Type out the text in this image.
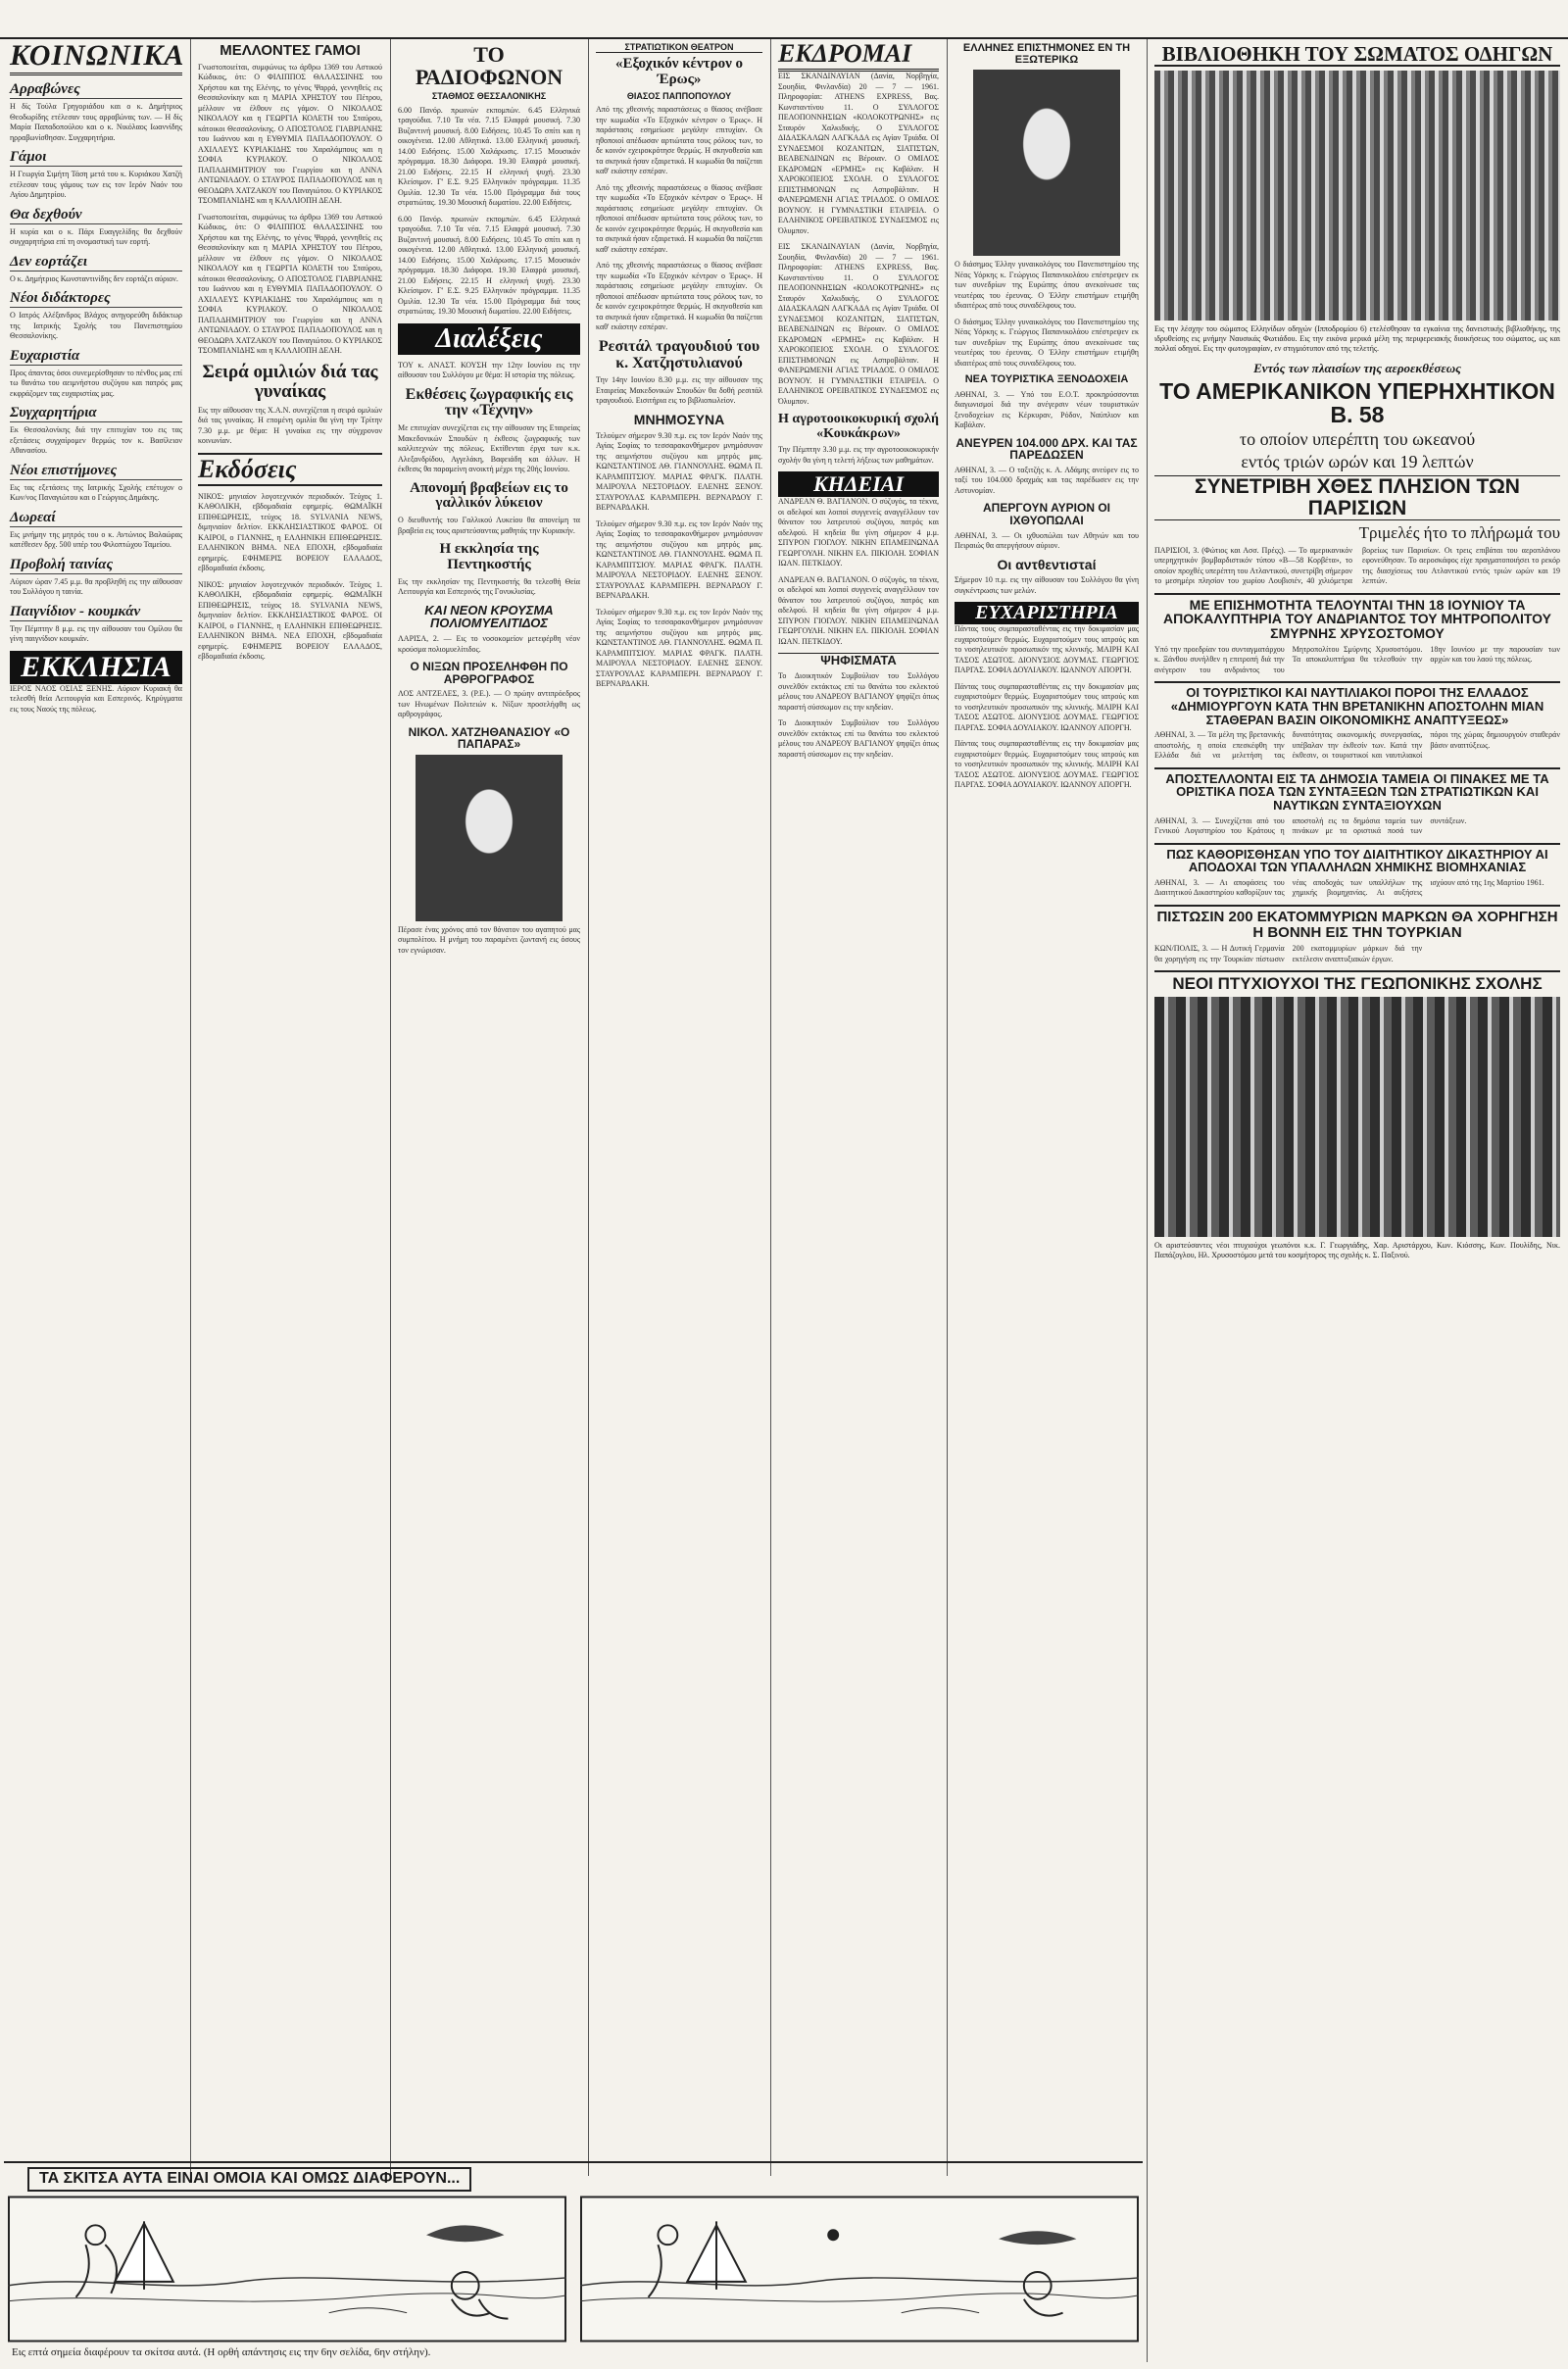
ΚΟΙΝΩΝΙΚΑ
Αρραβώνες

Η δίς Τούλα Γρηγοριάδου και ο κ. Δημήτριος Θεοδωρίδης ετέλεσαν τους αρραβώνας των. — Η δίς Μαρία Παπαδοπούλου και ο κ. Νικόλαος Ιωαννίδης ηρραβωνίσθησαν. Συγχαρητήρια.

Γάμοι

Η Γεωργία Σιμήτη Τάση μετά του κ. Κυριάκου Χατζή ετέλεσαν τους γάμους των εις τον Ιερόν Ναόν του Αγίου Δημητρίου.

Θα δεχθούν

Η κυρία και ο κ. Πάρι Ευαγγελίδης θα δεχθούν συγχαρητήρια επί τη ονομαστική των εορτή.

Δεν εορτάζει

Ο κ. Δημήτριος Κωνσταντινίδης δεν εορτάζει αύριον.

Νέοι διδάκτορες

Ο Ιατρός Αλέξανδρος Βλάχος ανηγορεύθη διδάκτωρ της Ιατρικής Σχολής του Πανεπιστημίου Θεσσαλονίκης.

Ευχαριστία

Προς άπαντας όσοι συνεμερίσθησαν το πένθος μας επί τω θανάτω του αειμνήστου συζύγου και πατρός μας εκφράζομεν τας ευχαριστίας μας.

Συγχαρητήρια

Εκ Θεσσαλονίκης διά την επιτυχίαν του εις τας εξετάσεις συγχαίρομεν θερμώς τον κ. Βασίλειον Αθανασίου.

Νέοι επιστήμονες

Εις τας εξετάσεις της Ιατρικής Σχολής επέτυχον ο Κων/νος Παναγιώτου και ο Γεώργιος Δημάκης.

Δωρεαί

Εις μνήμην της μητρός του ο κ. Αντώνιος Βαλαώρας κατέθεσεν δρχ. 500 υπέρ του Φιλοπτώχου Ταμείου.

Προβολή ταινίας

Αύριον ώραν 7.45 μ.μ. θα προβληθή εις την αίθουσαν του Συλλόγου η ταινία.

Παιγνίδιον - κουμκάν

Την Πέμπτην 8 μ.μ. εις την αίθουσαν του Ομίλου θα γίνη παιγνίδιον κουμκάν.

ΕΚΚΛΗΣΙΑ

ΙΕΡΟΣ ΝΑΟΣ ΟΣΙΑΣ ΞΕΝΗΣ. Αύριον Κυριακή θα τελεσθή θεία Λειτουργία και Εσπερινός. Κηρύγματα εις τους Ναούς της πόλεως.

ΜΕΛΛΟΝΤΕΣ ΓΑΜΟΙ

Γνωστοποιείται, συμφώνως τω άρθρω 1369 του Αστικού Κώδικος, ότι: Ο ΦΙΛΙΠΠΟΣ ΘΑΛΑΣΣΙΝΗΣ του Χρήστου και της Ελένης, το γένος Ψαρρά, γεννηθείς εις Θεσσαλονίκην και η ΜΑΡΙΑ ΧΡΗΣΤΟΥ του Πέτρου, μέλλουν να έλθουν εις γάμον. Ο ΝΙΚΟΛΑΟΣ ΝΙΚΟΛΑΟΥ και η ΓΕΩΡΓΙΑ ΚΟΛΕΤΗ του Σταύρου, κάτοικοι Θεσσαλονίκης. Ο ΑΠΟΣΤΟΛΟΣ ΓΙΑΒΡΙΑΝΗΣ του Ιωάννου και η ΕΥΘΥΜΙΑ ΠΑΠΑΔΟΠΟΥΛΟΥ. Ο ΑΧΙΛΛΕΥΣ ΚΥΡΙΑΚΙΔΗΣ του Χαραλάμπους και η ΣΟΦΙΑ ΚΥΡΙΑΚΟΥ. Ο ΝΙΚΟΛΑΟΣ ΠΑΠΑΔΗΜΗΤΡΙΟΥ του Γεωργίου και η ΑΝΝΑ ΑΝΤΩΝΙΑΔΟΥ. Ο ΣΤΑΥΡΟΣ ΠΑΠΑΔΟΠΟΥΛΟΣ και η ΘΕΟΔΩΡΑ ΧΑΤΖΑΚΟΥ του Παναγιώτου. Ο ΚΥΡΙΑΚΟΣ ΤΣΟΜΠΑΝΙΔΗΣ και η ΚΑΛΛΙΟΠΗ ΔΕΛΗ.

Γνωστοποιείται, συμφώνως τω άρθρω 1369 του Αστικού Κώδικος, ότι: Ο ΦΙΛΙΠΠΟΣ ΘΑΛΑΣΣΙΝΗΣ του Χρήστου και της Ελένης, το γένος Ψαρρά, γεννηθείς εις Θεσσαλονίκην και η ΜΑΡΙΑ ΧΡΗΣΤΟΥ του Πέτρου, μέλλουν να έλθουν εις γάμον. Ο ΝΙΚΟΛΑΟΣ ΝΙΚΟΛΑΟΥ και η ΓΕΩΡΓΙΑ ΚΟΛΕΤΗ του Σταύρου, κάτοικοι Θεσσαλονίκης. Ο ΑΠΟΣΤΟΛΟΣ ΓΙΑΒΡΙΑΝΗΣ του Ιωάννου και η ΕΥΘΥΜΙΑ ΠΑΠΑΔΟΠΟΥΛΟΥ. Ο ΑΧΙΛΛΕΥΣ ΚΥΡΙΑΚΙΔΗΣ του Χαραλάμπους και η ΣΟΦΙΑ ΚΥΡΙΑΚΟΥ. Ο ΝΙΚΟΛΑΟΣ ΠΑΠΑΔΗΜΗΤΡΙΟΥ του Γεωργίου και η ΑΝΝΑ ΑΝΤΩΝΙΑΔΟΥ. Ο ΣΤΑΥΡΟΣ ΠΑΠΑΔΟΠΟΥΛΟΣ και η ΘΕΟΔΩΡΑ ΧΑΤΖΑΚΟΥ του Παναγιώτου. Ο ΚΥΡΙΑΚΟΣ ΤΣΟΜΠΑΝΙΔΗΣ και η ΚΑΛΛΙΟΠΗ ΔΕΛΗ.

Σειρά ομιλιών διά τας γυναίκας

Εις την αίθουσαν της Χ.Α.Ν. συνεχίζεται η σειρά ομιλιών διά τας γυναίκας. Η επομένη ομιλία θα γίνη την Τρίτην 7.30 μ.μ. με θέμα: Η γυναίκα εις την σύγχρονον κοινωνίαν.

Εκδόσεις

ΝΙΚΟΣ: μηνιαίον λογοτεχνικόν περιοδικόν. Τεύχος 1. ΚΑΘΟΛΙΚΗ, εβδομαδιαία εφημερίς. ΘΩΜΑΪΚΗ ΕΠΙΘΕΩΡΗΣΙΣ, τεύχος 18. SYLVANIA NEWS, διμηνιαίον δελτίον. ΕΚΚΛΗΣΙΑΣΤΙΚΟΣ ΦΑΡΟΣ. ΟΙ ΚΑΙΡΟΙ, ο ΓΙΑΝΝΗΣ, η ΕΛΛΗΝΙΚΗ ΕΠΙΘΕΩΡΗΣΙΣ. ΕΛΛΗΝΙΚΟΝ ΒΗΜΑ. ΝΕΑ ΕΠΟΧΗ, εβδομαδιαία εφημερίς. ΕΦΗΜΕΡΙΣ ΒΟΡΕΙΟΥ ΕΛΛΑΔΟΣ, εβδομαδιαία έκδοσις.

ΝΙΚΟΣ: μηνιαίον λογοτεχνικόν περιοδικόν. Τεύχος 1. ΚΑΘΟΛΙΚΗ, εβδομαδιαία εφημερίς. ΘΩΜΑΪΚΗ ΕΠΙΘΕΩΡΗΣΙΣ, τεύχος 18. SYLVANIA NEWS, διμηνιαίον δελτίον. ΕΚΚΛΗΣΙΑΣΤΙΚΟΣ ΦΑΡΟΣ. ΟΙ ΚΑΙΡΟΙ, ο ΓΙΑΝΝΗΣ, η ΕΛΛΗΝΙΚΗ ΕΠΙΘΕΩΡΗΣΙΣ. ΕΛΛΗΝΙΚΟΝ ΒΗΜΑ. ΝΕΑ ΕΠΟΧΗ, εβδομαδιαία εφημερίς. ΕΦΗΜΕΡΙΣ ΒΟΡΕΙΟΥ ΕΛΛΑΔΟΣ, εβδομαδιαία έκδοσις.

ΤΟ ΡΑΔΙΟΦΩΝΟΝ
ΣΤΑΘΜΟΣ ΘΕΣΣΑΛΟΝΙΚΗΣ

6.00 Πανόρ. πρωινών εκπομπών. 6.45 Ελληνικά τραγούδια. 7.10 Τα νέα. 7.15 Ελαφρά μουσική. 7.30 Βυζαντινή μουσική. 8.00 Ειδήσεις. 10.45 Το σπίτι και η οικογένεια. 12.00 Αθλητικά. 13.00 Ελληνική μουσική. 14.00 Ειδήσεις. 15.00 Χαλάρωσις. 17.15 Μουσικόν πρόγραμμα. 18.30 Διάφορα. 19.30 Ελαφρά μουσική. 21.00 Ειδήσεις. 22.15 Η ελληνική ψυχή. 23.30 Κλείσιμον. Γ' Ε.Σ. 9.25 Ελληνικόν πρόγραμμα. 11.35 Ομιλία. 12.30 Τα νέα. 15.00 Πρόγραμμα διά τους στρατιώτας. 19.30 Μουσική δωματίου. 22.00 Ειδήσεις.

6.00 Πανόρ. πρωινών εκπομπών. 6.45 Ελληνικά τραγούδια. 7.10 Τα νέα. 7.15 Ελαφρά μουσική. 7.30 Βυζαντινή μουσική. 8.00 Ειδήσεις. 10.45 Το σπίτι και η οικογένεια. 12.00 Αθλητικά. 13.00 Ελληνική μουσική. 14.00 Ειδήσεις. 15.00 Χαλάρωσις. 17.15 Μουσικόν πρόγραμμα. 18.30 Διάφορα. 19.30 Ελαφρά μουσική. 21.00 Ειδήσεις. 22.15 Η ελληνική ψυχή. 23.30 Κλείσιμον. Γ' Ε.Σ. 9.25 Ελληνικόν πρόγραμμα. 11.35 Ομιλία. 12.30 Τα νέα. 15.00 Πρόγραμμα διά τους στρατιώτας. 19.30 Μουσική δωματίου. 22.00 Ειδήσεις.

Διαλέξεις

ΤΟΥ κ. ΑΝΑΣΤ. ΚΟΥΣΗ την 12ην Ιουνίου εις την αίθουσαν του Συλλόγου με θέμα: Η ιστορία της πόλεως.

Εκθέσεις ζωγραφικής εις την «Τέχνην»

Με επιτυχίαν συνεχίζεται εις την αίθουσαν της Εταιρείας Μακεδονικών Σπουδών η έκθεσις ζωγραφικής των καλλιτεχνών της πόλεως. Εκτίθενται έργα των κ.κ. Αλεξανδρίδου, Αγγελάκη, Βαφειάδη και άλλων. Η έκθεσις θα παραμείνη ανοικτή μέχρι της 20ής Ιουνίου.

Απονομή βραβείων εις το γαλλικόν λύκειον

Ο διευθυντής του Γαλλικού Λυκείου θα απονείμη τα βραβεία εις τους αριστεύσαντας μαθητάς την Κυριακήν.

Η εκκλησία της Πεντηκοστής

Εις την εκκλησίαν της Πεντηκοστής θα τελεσθή Θεία Λειτουργία και Εσπερινός της Γονυκλισίας.

ΚΑΙ ΝΕΟΝ ΚΡΟΥΣΜΑ ΠΟΛΙΟΜΥΕΛΙΤΙΔΟΣ

ΛΑΡΙΣΑ, 2. — Εις το νοσοκομείον μετεφέρθη νέον κρούσμα πολιομυελίτιδος.

Ο ΝΙΞΩΝ ΠΡΟΣΕΛΗΦΘΗ ΠΟ ΑΡΘΡΟΓΡΑΦΟΣ

ΛΟΣ ΑΝΤΖΕΛΕΣ, 3. (Ρ.Ε.). — Ο πρώην αντιπρόεδρος των Ηνωμένων Πολιτειών κ. Νίξων προσελήφθη ως αρθρογράφος.

ΝΙΚΟΛ. ΧΑΤΖΗΘΑΝΑΣΙΟΥ «Ο ΠΑΠΑΡΑΣ»

Πέρασε ένας χρόνος από τον θάνατον του αγαπητού μας συμπολίτου. Η μνήμη του παραμένει ζωντανή εις όσους τον εγνώρισαν.

ΣΤΡΑΤΙΩΤΙΚΟΝ ΘΕΑΤΡΟΝ
«Εξοχικόν κέντρον ο Έρως»
ΘΙΑΣΟΣ ΠΑΠΠΟΠΟΥΛΟΥ

Από της χθεσινής παραστάσεως ο θίασος ανέβασε την κωμωδία «Το Εξοχικόν κέντρον ο Έρως». Η παράστασις εσημείωσε μεγάλην επιτυχίαν. Οι ηθοποιοί απέδωσαν αρτιώτατα τους ρόλους των, το δε κοινόν εχειροκρότησε θερμώς. Η σκηνοθεσία και τα σκηνικά ήσαν εξαιρετικά. Η κωμωδία θα παίζεται καθ' εκάστην εσπέραν.

Από της χθεσινής παραστάσεως ο θίασος ανέβασε την κωμωδία «Το Εξοχικόν κέντρον ο Έρως». Η παράστασις εσημείωσε μεγάλην επιτυχίαν. Οι ηθοποιοί απέδωσαν αρτιώτατα τους ρόλους των, το δε κοινόν εχειροκρότησε θερμώς. Η σκηνοθεσία και τα σκηνικά ήσαν εξαιρετικά. Η κωμωδία θα παίζεται καθ' εκάστην εσπέραν.

Από της χθεσινής παραστάσεως ο θίασος ανέβασε την κωμωδία «Το Εξοχικόν κέντρον ο Έρως». Η παράστασις εσημείωσε μεγάλην επιτυχίαν. Οι ηθοποιοί απέδωσαν αρτιώτατα τους ρόλους των, το δε κοινόν εχειροκρότησε θερμώς. Η σκηνοθεσία και τα σκηνικά ήσαν εξαιρετικά. Η κωμωδία θα παίζεται καθ' εκάστην εσπέραν.

Ρεσιτάλ τραγουδιού του κ. Χατζηστυλιανού

Την 14ην Ιουνίου 8.30 μ.μ. εις την αίθουσαν της Εταιρείας Μακεδονικών Σπουδών θα δοθή ρεσιτάλ τραγουδιού. Εισιτήρια εις το βιβλιοπωλείον.

ΜΝΗΜΟΣΥΝΑ

Τελούμεν σήμερον 9.30 π.μ. εις τον Ιερόν Ναόν της Αγίας Σοφίας το τεσσαρακονθήμερον μνημόσυνον της αειμνήστου συζύγου και μητρός μας. ΚΩΝΣΤΑΝΤΙΝΟΣ ΑΘ. ΓΙΑΝΝΟΥΛΗΣ. ΘΩΜΑ Π. ΚΑΡΑΜΠΙΤΣΙΟΥ. ΜΑΡΙΑΣ ΦΡΑΓΚ. ΠΛΑΤΗ. ΜΑΙΡΟΥΛΑ ΝΕΣΤΟΡΙΔΟΥ. ΕΛΕΝΗΣ ΞΕΝΟΥ. ΣΤΑΥΡΟΥΛΑΣ ΚΑΡΑΜΠΕΡΗ. ΒΕΡΝΑΡΔΟΥ Γ. ΒΕΡΝΑΡΔΑΚΗ.

Τελούμεν σήμερον 9.30 π.μ. εις τον Ιερόν Ναόν της Αγίας Σοφίας το τεσσαρακονθήμερον μνημόσυνον της αειμνήστου συζύγου και μητρός μας. ΚΩΝΣΤΑΝΤΙΝΟΣ ΑΘ. ΓΙΑΝΝΟΥΛΗΣ. ΘΩΜΑ Π. ΚΑΡΑΜΠΙΤΣΙΟΥ. ΜΑΡΙΑΣ ΦΡΑΓΚ. ΠΛΑΤΗ. ΜΑΙΡΟΥΛΑ ΝΕΣΤΟΡΙΔΟΥ. ΕΛΕΝΗΣ ΞΕΝΟΥ. ΣΤΑΥΡΟΥΛΑΣ ΚΑΡΑΜΠΕΡΗ. ΒΕΡΝΑΡΔΟΥ Γ. ΒΕΡΝΑΡΔΑΚΗ.

Τελούμεν σήμερον 9.30 π.μ. εις τον Ιερόν Ναόν της Αγίας Σοφίας το τεσσαρακονθήμερον μνημόσυνον της αειμνήστου συζύγου και μητρός μας. ΚΩΝΣΤΑΝΤΙΝΟΣ ΑΘ. ΓΙΑΝΝΟΥΛΗΣ. ΘΩΜΑ Π. ΚΑΡΑΜΠΙΤΣΙΟΥ. ΜΑΡΙΑΣ ΦΡΑΓΚ. ΠΛΑΤΗ. ΜΑΙΡΟΥΛΑ ΝΕΣΤΟΡΙΔΟΥ. ΕΛΕΝΗΣ ΞΕΝΟΥ. ΣΤΑΥΡΟΥΛΑΣ ΚΑΡΑΜΠΕΡΗ. ΒΕΡΝΑΡΔΟΥ Γ. ΒΕΡΝΑΡΔΑΚΗ.

ΕΚΔΡΟΜΑΙ

ΕΙΣ ΣΚΑΝΔΙΝΑΥΙΑΝ (Δανία, Νορβηγία, Σουηδία, Φινλανδία) 20 — 7 — 1961. Πληροφορίαι: ATHENS EXPRESS, Βας. Κωνσταντίνου 11. Ο ΣΥΛΛΟΓΟΣ ΠΕΛΟΠΟΝΝΗΣΙΩΝ «ΚΟΛΟΚΟΤΡΩΝΗΣ» εις Σταυρόν Χαλκιδικής. Ο ΣΥΛΛΟΓΟΣ ΔΙΔΑΣΚΑΛΩΝ ΛΑΓΚΑΔΑ εις Αγίαν Τριάδα. ΟΙ ΣΥΝΔΕΣΜΟΙ ΚΟΖΑΝΙΤΩΝ, ΣΙΑΤΙΣΤΩΝ, ΒΕΛΒΕΝΔΙΝΩΝ εις Βέροιαν. Ο ΟΜΙΛΟΣ ΕΚΔΡΟΜΩΝ «ΕΡΜΗΣ» εις Καβάλαν. Η ΧΑΡΟΚΟΠΕΙΟΣ ΣΧΟΛΗ. Ο ΣΥΛΛΟΓΟΣ ΕΠΙΣΤΗΜΟΝΩΝ εις Ασπροβάλταν. Η ΦΑΝΕΡΩΜΕΝΗ ΑΓΙΑΣ ΤΡΙΑΔΟΣ. Ο ΟΜΙΛΟΣ ΒΟΥΝΟΥ. Η ΓΥΜΝΑΣΤΙΚΗ ΕΤΑΙΡΕΙΑ. Ο ΕΛΛΗΝΙΚΟΣ ΟΡΕΙΒΑΤΙΚΟΣ ΣΥΝΔΕΣΜΟΣ εις Όλυμπον.

ΕΙΣ ΣΚΑΝΔΙΝΑΥΙΑΝ (Δανία, Νορβηγία, Σουηδία, Φινλανδία) 20 — 7 — 1961. Πληροφορίαι: ATHENS EXPRESS, Βας. Κωνσταντίνου 11. Ο ΣΥΛΛΟΓΟΣ ΠΕΛΟΠΟΝΝΗΣΙΩΝ «ΚΟΛΟΚΟΤΡΩΝΗΣ» εις Σταυρόν Χαλκιδικής. Ο ΣΥΛΛΟΓΟΣ ΔΙΔΑΣΚΑΛΩΝ ΛΑΓΚΑΔΑ εις Αγίαν Τριάδα. ΟΙ ΣΥΝΔΕΣΜΟΙ ΚΟΖΑΝΙΤΩΝ, ΣΙΑΤΙΣΤΩΝ, ΒΕΛΒΕΝΔΙΝΩΝ εις Βέροιαν. Ο ΟΜΙΛΟΣ ΕΚΔΡΟΜΩΝ «ΕΡΜΗΣ» εις Καβάλαν. Η ΧΑΡΟΚΟΠΕΙΟΣ ΣΧΟΛΗ. Ο ΣΥΛΛΟΓΟΣ ΕΠΙΣΤΗΜΟΝΩΝ εις Ασπροβάλταν. Η ΦΑΝΕΡΩΜΕΝΗ ΑΓΙΑΣ ΤΡΙΑΔΟΣ. Ο ΟΜΙΛΟΣ ΒΟΥΝΟΥ. Η ΓΥΜΝΑΣΤΙΚΗ ΕΤΑΙΡΕΙΑ. Ο ΕΛΛΗΝΙΚΟΣ ΟΡΕΙΒΑΤΙΚΟΣ ΣΥΝΔΕΣΜΟΣ εις Όλυμπον.

Η αγροτοοικοκυρική σχολή «Κουκάκρων»

Την Πέμπτην 3.30 μ.μ. εις την αγροτοοικοκυρικήν σχολήν θα γίνη η τελετή λήξεως των μαθημάτων.

ΚΗΔΕΙΑΙ

ΑΝΔΡΕΑΝ Θ. ΒΑΓΙΑΝΟΝ. Ο σύζυγός, τα τέκνα, οι αδελφοί και λοιποί συγγενείς αναγγέλλουν τον θάνατον του λατρευτού συζύγου, πατρός και αδελφού. Η κηδεία θα γίνη σήμερον 4 μ.μ. ΣΠΥΡΟΝ ΓΙΟΓΛΟΥ. ΝΙΚΗΝ ΕΠΑΜΕΙΝΩΝΔΑ ΓΕΩΡΓΟΥΛΗ. ΝΙΚΗΝ ΕΛ. ΠΙΚΙΟΛΗ. ΣΟΦΙΑΝ ΙΩΑΝ. ΠΕΤΚΙΔΟΥ.

ΑΝΔΡΕΑΝ Θ. ΒΑΓΙΑΝΟΝ. Ο σύζυγός, τα τέκνα, οι αδελφοί και λοιποί συγγενείς αναγγέλλουν τον θάνατον του λατρευτού συζύγου, πατρός και αδελφού. Η κηδεία θα γίνη σήμερον 4 μ.μ. ΣΠΥΡΟΝ ΓΙΟΓΛΟΥ. ΝΙΚΗΝ ΕΠΑΜΕΙΝΩΝΔΑ ΓΕΩΡΓΟΥΛΗ. ΝΙΚΗΝ ΕΛ. ΠΙΚΙΟΛΗ. ΣΟΦΙΑΝ ΙΩΑΝ. ΠΕΤΚΙΔΟΥ.

ΨΗΦΙΣΜΑΤΑ

Το Διοικητικόν Συμβούλιον του Συλλόγου συνελθόν εκτάκτως επί τω θανάτω του εκλεκτού μέλους του ΑΝΔΡΕΟΥ ΒΑΓΙΑΝΟΥ ψηφίζει όπως παραστή σύσσωμον εις την κηδείαν.

Το Διοικητικόν Συμβούλιον του Συλλόγου συνελθόν εκτάκτως επί τω θανάτω του εκλεκτού μέλους του ΑΝΔΡΕΟΥ ΒΑΓΙΑΝΟΥ ψηφίζει όπως παραστή σύσσωμον εις την κηδείαν.

ΕΛΛΗΝΕΣ ΕΠΙΣΤΗΜΟΝΕΣ ΕΝ ΤΗ ΕΞΩΤΕΡΙΚΩ

Ο διάσημος Έλλην γυναικολόγος του Πανεπιστημίου της Νέας Υόρκης κ. Γεώργιος Παπανικολάου επέστρεψεν εκ των συνεδρίων της Ευρώπης όπου ανεκοίνωσε τας νεωτέρας του έρευνας. Ο Έλλην επιστήμων ετιμήθη ιδιαιτέρως από τους συναδέλφους του.

Ο διάσημος Έλλην γυναικολόγος του Πανεπιστημίου της Νέας Υόρκης κ. Γεώργιος Παπανικολάου επέστρεψεν εκ των συνεδρίων της Ευρώπης όπου ανεκοίνωσε τας νεωτέρας του έρευνας. Ο Έλλην επιστήμων ετιμήθη ιδιαιτέρως από τους συναδέλφους του.

ΝΕΑ ΤΟΥΡΙΣΤΙΚΑ ΞΕΝΟΔΟΧΕΙΑ

ΑΘΗΝΑΙ, 3. — Υπό του Ε.Ο.Τ. προκηρύσσονται διαγωνισμοί διά την ανέγερσιν νέων τουριστικών ξενοδοχείων εις Κέρκυραν, Ρόδον, Ναύπλιον και Καβάλαν.

ΑΝΕΥΡΕΝ 104.000 ΔΡΧ. ΚΑΙ ΤΑΣ ΠΑΡΕΔΩΣΕΝ

ΑΘΗΝΑΙ, 3. — Ο ταξιτζής κ. Α. Αδάμης ανεύρεν εις το ταξί του 104.000 δραχμάς και τας παρέδωσεν εις την Αστυνομίαν.

ΑΠΕΡΓΟΥΝ ΑΥΡΙΟΝ ΟΙ ΙΧΘΥΟΠΩΛΑΙ

ΑΘΗΝΑΙ, 3. — Οι ιχθυοπώλαι των Αθηνών και του Πειραιώς θα απεργήσουν αύριον.

Οι αντθεντιστaί

Σήμερον 10 π.μ. εις την αίθουσαν του Συλλόγου θα γίνη συγκέντρωσις των μελών.

ΕΥΧΑΡΙΣΤΗΡΙΑ

Πάντας τους συμπαρασταθέντας εις την δοκιμασίαν μας ευχαριστούμεν θερμώς. Ευχαριστούμεν τους ιατρούς και το νοσηλευτικόν προσωπικόν της κλινικής. ΜΑΙΡΗ ΚΑΙ ΤΑΣΟΣ ΑΣΩΤΟΣ. ΔΙΟΝΥΣΙΟΣ ΔΟΥΜΑΣ. ΓΕΩΡΓΙΟΣ ΠΑΡΓΑΣ. ΣΟΦΙΑ ΔΟΥΛΙΑΚΟΥ. ΙΩΑΝΝΟΥ ΑΠΟΡΓΗ.

Πάντας τους συμπαρασταθέντας εις την δοκιμασίαν μας ευχαριστούμεν θερμώς. Ευχαριστούμεν τους ιατρούς και το νοσηλευτικόν προσωπικόν της κλινικής. ΜΑΙΡΗ ΚΑΙ ΤΑΣΟΣ ΑΣΩΤΟΣ. ΔΙΟΝΥΣΙΟΣ ΔΟΥΜΑΣ. ΓΕΩΡΓΙΟΣ ΠΑΡΓΑΣ. ΣΟΦΙΑ ΔΟΥΛΙΑΚΟΥ. ΙΩΑΝΝΟΥ ΑΠΟΡΓΗ.

Πάντας τους συμπαρασταθέντας εις την δοκιμασίαν μας ευχαριστούμεν θερμώς. Ευχαριστούμεν τους ιατρούς και το νοσηλευτικόν προσωπικόν της κλινικής. ΜΑΙΡΗ ΚΑΙ ΤΑΣΟΣ ΑΣΩΤΟΣ. ΔΙΟΝΥΣΙΟΣ ΔΟΥΜΑΣ. ΓΕΩΡΓΙΟΣ ΠΑΡΓΑΣ. ΣΟΦΙΑ ΔΟΥΛΙΑΚΟΥ. ΙΩΑΝΝΟΥ ΑΠΟΡΓΗ.

ΒΙΒΛΙΟΘΗΚΗ ΤΟΥ ΣΩΜΑΤΟΣ ΟΔΗΓΩΝ

Εις την λέσχην του σώματος Ελληνίδων οδηγών (Ιπποδρομίου 6) ετελέσθησαν τα εγκαίνια της δανειστικής βιβλιοθήκης, της ιδρυθείσης εις μνήμην Ναυσικάς Φωτιάδου. Εις την εικόνα μερικά μέλη της περιφερειακής διοικήσεως του σώματος, ως και πολλαί οδηγοί. Εις την φωτογραφίαν, εν στιγμιότυπον από της τελετής.

Εντός των πλαισίων της αεροεκθέσεως
ΤΟ ΑΜΕΡΙΚΑΝΙΚΟΝ ΥΠΕΡΗΧΗΤΙΚΟΝ Β. 58
το οποίον υπερέπτη του ωκεανού
εντός τριών ωρών και 19 λεπτών
ΣΥΝΕΤΡΙΒΗ ΧΘΕΣ ΠΛΗΣΙΟΝ ΤΩΝ ΠΑΡΙΣΙΩΝ
Τριμελές ήτο το πλήρωμά του

ΠΑΡΙΣΙΟΙ, 3. (Φώτιος και Ασσ. Πρέςς). — Το αμερικανικόν υπερηχητικόν βομβαρδιστικόν τύπου «Β—58 Κορβέτα», το οποίον προχθές υπερέπτη του Ατλαντικού, συνετρίβη σήμερον το μεσημέρι πλησίον του χωρίου Λουβισιέν, 40 χιλιόμετρα βορείως των Παρισίων. Οι τρεις επιβάται του αεροπλάνου εφονεύθησαν. Το αεροσκάφος είχε πραγματοποιήσει το ρεκόρ της διασχίσεως του Ατλαντικού εντός τριών ωρών και 19 λεπτών.

ΜΕ ΕΠΙΣΗΜΟΤΗΤΑ ΤΕΛΟΥΝΤΑΙ ΤΗΝ 18 ΙΟΥΝΙΟΥ ΤΑ ΑΠΟΚΑΛΥΠΤΗΡΙΑ ΤΟΥ ΑΝΔΡΙΑΝΤΟΣ ΤΟΥ ΜΗΤΡΟΠΟΛΙΤΟΥ ΣΜΥΡΝΗΣ ΧΡΥΣΟΣΤΟΜΟΥ

Υπό την προεδρίαν του συνταγματάρχου κ. Ξάνθου συνήλθεν η επιτροπή διά την ανέγερσιν του ανδριάντος του Μητροπολίτου Σμύρνης Χρυσοστόμου. Τα αποκαλυπτήρια θα τελεσθούν την 18ην Ιουνίου με την παρουσίαν των αρχών και του λαού της πόλεως.

ΟΙ ΤΟΥΡΙΣΤΙΚΟΙ ΚΑΙ ΝΑΥΤΙΛΙΑΚΟΙ ΠΟΡΟΙ ΤΗΣ ΕΛΛΑΔΟΣ «ΔΗΜΙΟΥΡΓΟΥΝ ΚΑΤΑ ΤΗΝ ΒΡΕΤΑΝΙΚΗΝ ΑΠΟΣΤΟΛΗΝ ΜΙΑΝ ΣΤΑΘΕΡΑΝ ΒΑΣΙΝ ΟΙΚΟΝΟΜΙΚΗΣ ΑΝΑΠΤΥΞΕΩΣ»

ΑΘΗΝΑΙ, 3. — Τα μέλη της βρετανικής αποστολής, η οποία επεσκέφθη την Ελλάδα διά να μελετήση τας δυνατότητας οικονομικής συνεργασίας, υπέβαλαν την έκθεσίν των. Κατά την έκθεσιν, οι τουριστικοί και ναυτιλιακοί πόροι της χώρας δημιουργούν σταθεράν βάσιν αναπτύξεως.

ΑΠΟΣΤΕΛΛΟΝΤΑΙ ΕΙΣ ΤΑ ΔΗΜΟΣΙΑ ΤΑΜΕΙΑ ΟΙ ΠΙΝΑΚΕΣ ΜΕ ΤΑ ΟΡΙΣΤΙΚΑ ΠΟΣΑ ΤΩΝ ΣΥΝΤΑΞΕΩΝ ΤΩΝ ΣΤΡΑΤΙΩΤΙΚΩΝ ΚΑΙ ΝΑΥΤΙΚΩΝ ΣΥΝΤΑΞΙΟΥΧΩΝ

ΑΘΗΝΑΙ, 3. — Συνεχίζεται από του Γενικού Λογιστηρίου του Κράτους η αποστολή εις τα δημόσια ταμεία των πινάκων με τα οριστικά ποσά των συντάξεων.

ΠΩΣ ΚΑΘΟΡΙΣΘΗΣΑΝ ΥΠΟ ΤΟΥ ΔΙΑΙΤΗΤΙΚΟΥ ΔΙΚΑΣΤΗΡΙΟΥ ΑΙ ΑΠΟΔΟΧΑΙ ΤΩΝ ΥΠΑΛΛΗΛΩΝ ΧΗΜΙΚΗΣ ΒΙΟΜΗΧΑΝΙΑΣ

ΑΘΗΝΑΙ, 3. — Αι αποφάσεις του Διαιτητικού Δικαστηρίου καθορίζουν τας νέας αποδοχάς των υπαλλήλων της χημικής βιομηχανίας. Αι αυξήσεις ισχύουν από της 1ης Μαρτίου 1961.

ΠΙΣΤΩΣΙΝ 200 ΕΚΑΤΟΜΜΥΡΙΩΝ ΜΑΡΚΩΝ ΘΑ ΧΟΡΗΓΗΣΗ Η ΒΟΝΝΗ ΕΙΣ ΤΗΝ ΤΟΥΡΚΙΑΝ

ΚΩΝ/ΠΟΛΙΣ, 3. — Η Δυτική Γερμανία θα χορηγήση εις την Τουρκίαν πίστωσιν 200 εκατομμυρίων μάρκων διά την εκτέλεσιν αναπτυξιακών έργων.

ΝΕΟΙ ΠΤΥΧΙΟΥΧΟΙ ΤΗΣ ΓΕΩΠΟΝΙΚΗΣ ΣΧΟΛΗΣ

Οι αριστεύσαντες νέοι πτυχιούχοι γεωπόνοι κ.κ. Γ. Γεωργιάδης, Χαρ. Αριστάρχου, Κων. Κιόσσης, Κων. Πουλίδης, Νικ. Παπάζογλου, Ηλ. Χρυσοστόμου μετά του κοσμήτορος της σχολής κ. Σ. Παξινού.

ΤΑ ΣΚΙΤΣΑ ΑΥΤΑ ΕΙΝΑΙ ΟΜΟΙΑ ΚΑΙ ΟΜΩΣ ΔΙΑΦΕΡΟΥΝ...
Εις επτά σημεία διαφέρουν τα σκίτσα αυτά. (Η ορθή απάντησις εις την 6ην σελίδα, 6ην στήλην).
